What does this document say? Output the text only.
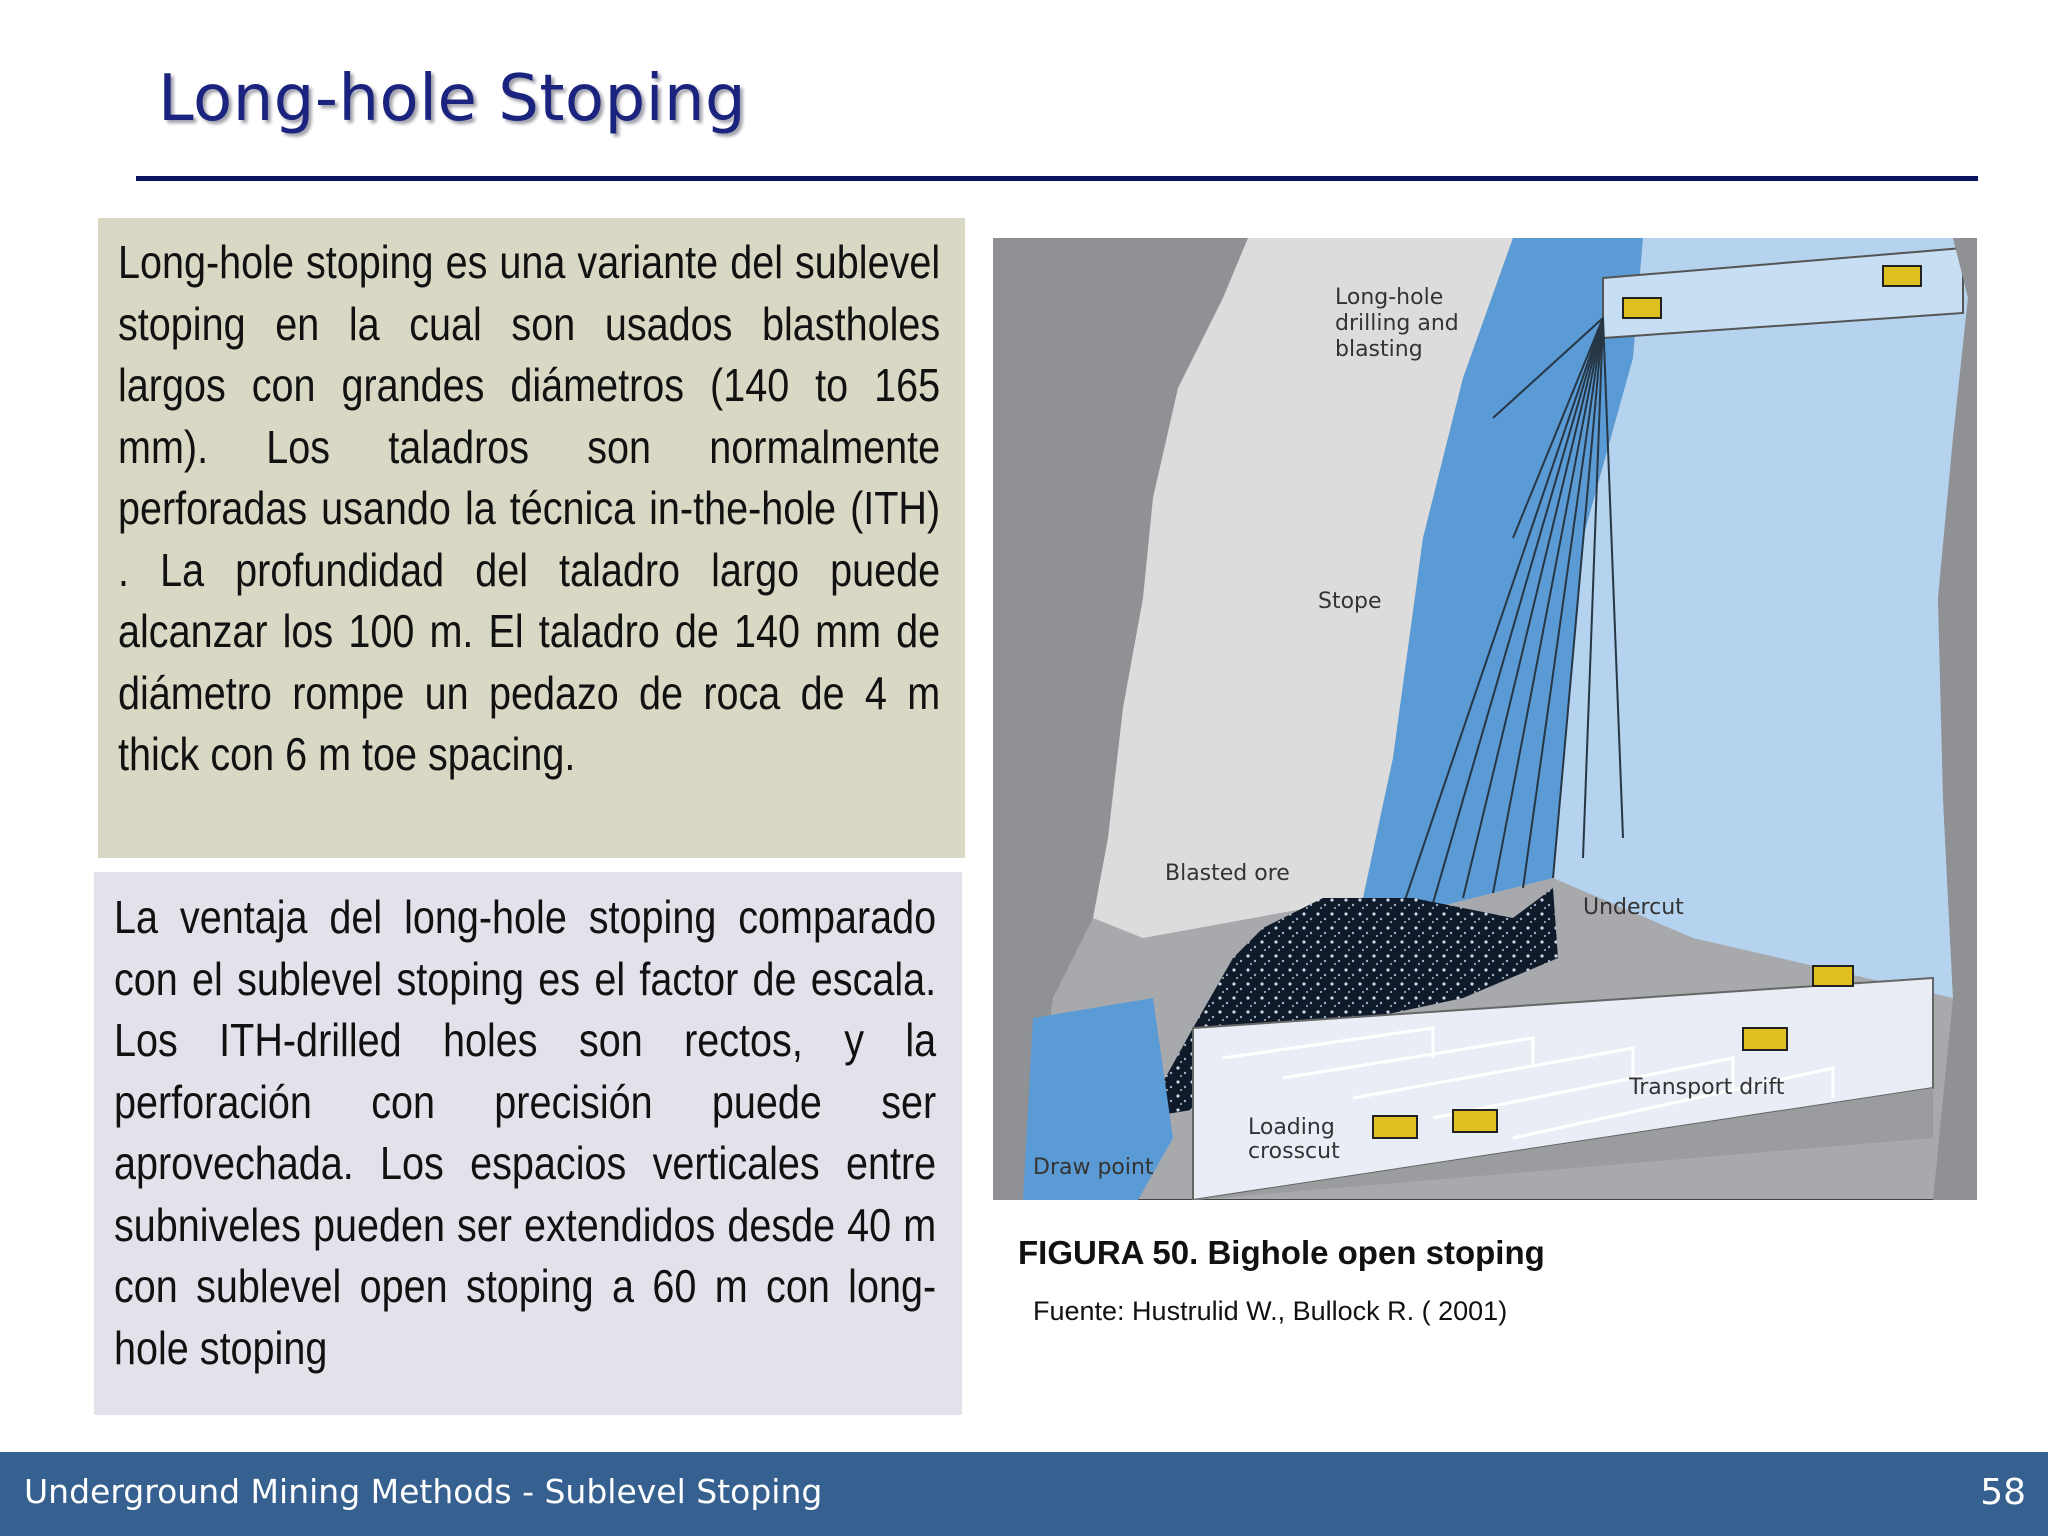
Long-hole Stoping
Long-hole stoping es una variante del sublevel stoping en la cual son usados blastholes largos con grandes diámetros (140 to 165 mm). Los taladros son normalmente perforadas usando la técnica in-the-hole (ITH) . La profundidad del taladro largo puede alcanzar los 100 m. El taladro de 140 mm de diámetro rompe un pedazo de roca de 4 m thick con 6 m toe spacing.
La ventaja del long-hole stoping comparado con el sublevel stoping es el factor de escala. Los ITH-drilled holes son rectos, y la perforación con precisión puede ser aprovechada. Los espacios verticales entre subniveles pueden ser extendidos desde 40 m con sublevel open stoping a 60 m con long-hole stoping
Long-hole
drilling and
blasting
Stope
Blasted ore
Undercut
Transport drift
Loading
crosscut
Draw point
FIGURA 50. Bighole open stoping
Fuente: Hustrulid W., Bullock R. ( 2001)
Underground Mining Methods - Sublevel Stoping	58
